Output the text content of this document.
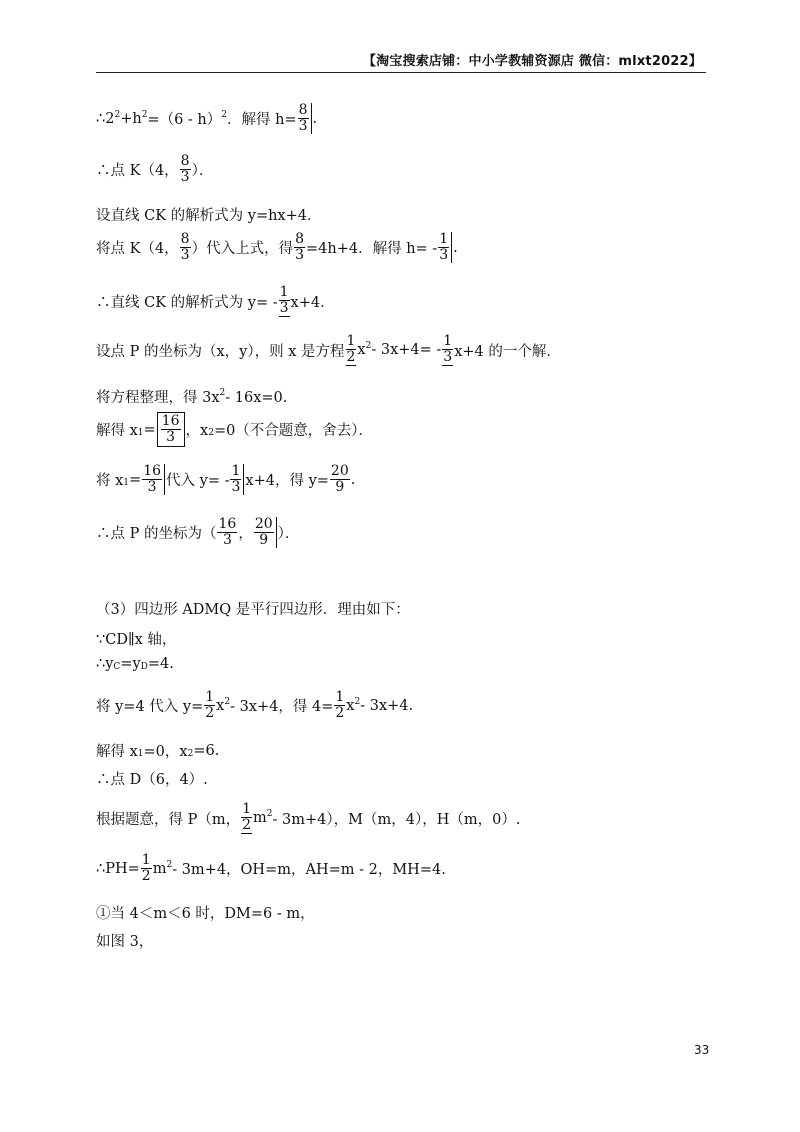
【淘宝搜索店铺：中小学教辅资源店 微信：mlxt2022】
$\therefore 2^2 +h^2 =(6 - h)^2$ ．解得 $h= \frac{8}{3}$ .
∴点 K（4， $\frac{8}{3}$ ）．
设直线 CK 的解析式为 y=hx+4．
将点 K（4， $\frac{8}{3}$ ）代入上式，得 $\frac{8}{3} =4h+4$．解得 $h= - \frac{1}{3}$ .
∴直线 CK 的解析式为 $y= - \frac{1}{3} x+4$．
设点 P 的坐标为（x，y），则 x 是方程 $\frac{1}{2} x^2 - 3x+4= - \frac{1}{3} x+4$ 的一个解．
将方程整理，得 $3x^2 - 16x=0$．
解得 $x_1 = \frac{16}{3}$ ，$x_2 =0$（不合题意，舍去）．
将 $x_1 = \frac{16}{3}$ 代入 $y= - \frac{1}{3} x+4$，得 $y= \frac{20}{9}$ .
∴点 P 的坐标为（ $\frac{16}{3}$ ， $\frac{20}{9}$ ）．
（3）四边形 ADMQ 是平行四边形．理由如下：
∵CD∥x 轴，
$\therefore y_C =y_D =4$.
将 y=4 代入 $y= \frac{1}{2} x^2 - 3x+4$，得 $4= \frac{1}{2} x^2 - 3x+4$.
解得 $x_1 =0$，$x_2 =6$.
∴点 D（6，4）.
根据题意，得 P（m， $\frac{1}{2} m^2 - 3m+4$），M（m，4），H（m，0）.
∴PH= $\frac{1}{2} m^2 - 3m+4$，OH=m，AH=m - 2，MH=4.
①当 4＜m＜6 时，DM=6 - m，
如图 3，
33
